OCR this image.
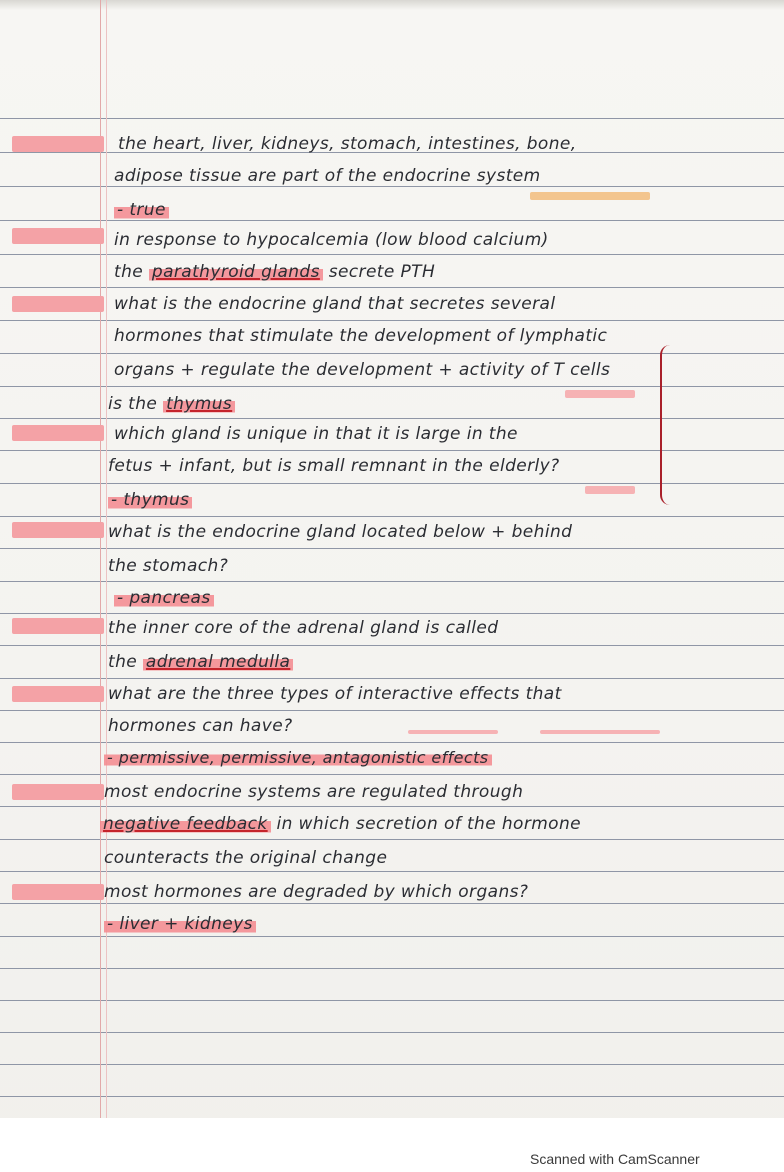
the heart, liver, kidneys, stomach, intestines, bone,
adipose tissue are part of the endocrine system
- true
in response to hypocalcemia (low blood calcium)
the parathyroid glands secrete PTH
what is the endocrine gland that secretes several
hormones that stimulate the development of lymphatic
organs + regulate the development + activity of T cells
is the thymus
which gland is unique in that it is large in the
fetus + infant, but is small remnant in the elderly?
- thymus
what is the endocrine gland located below + behind
the stomach?
- pancreas
the inner core of the adrenal gland is called
the adrenal medulla
what are the three types of interactive effects that
hormones can have?
- permissive, permissive, antagonistic effects
most endocrine systems are regulated through
negative feedback in which secretion of the hormone
counteracts the original change
most hormones are degraded by which organs?
- liver + kidneys
Scanned with CamScanner
